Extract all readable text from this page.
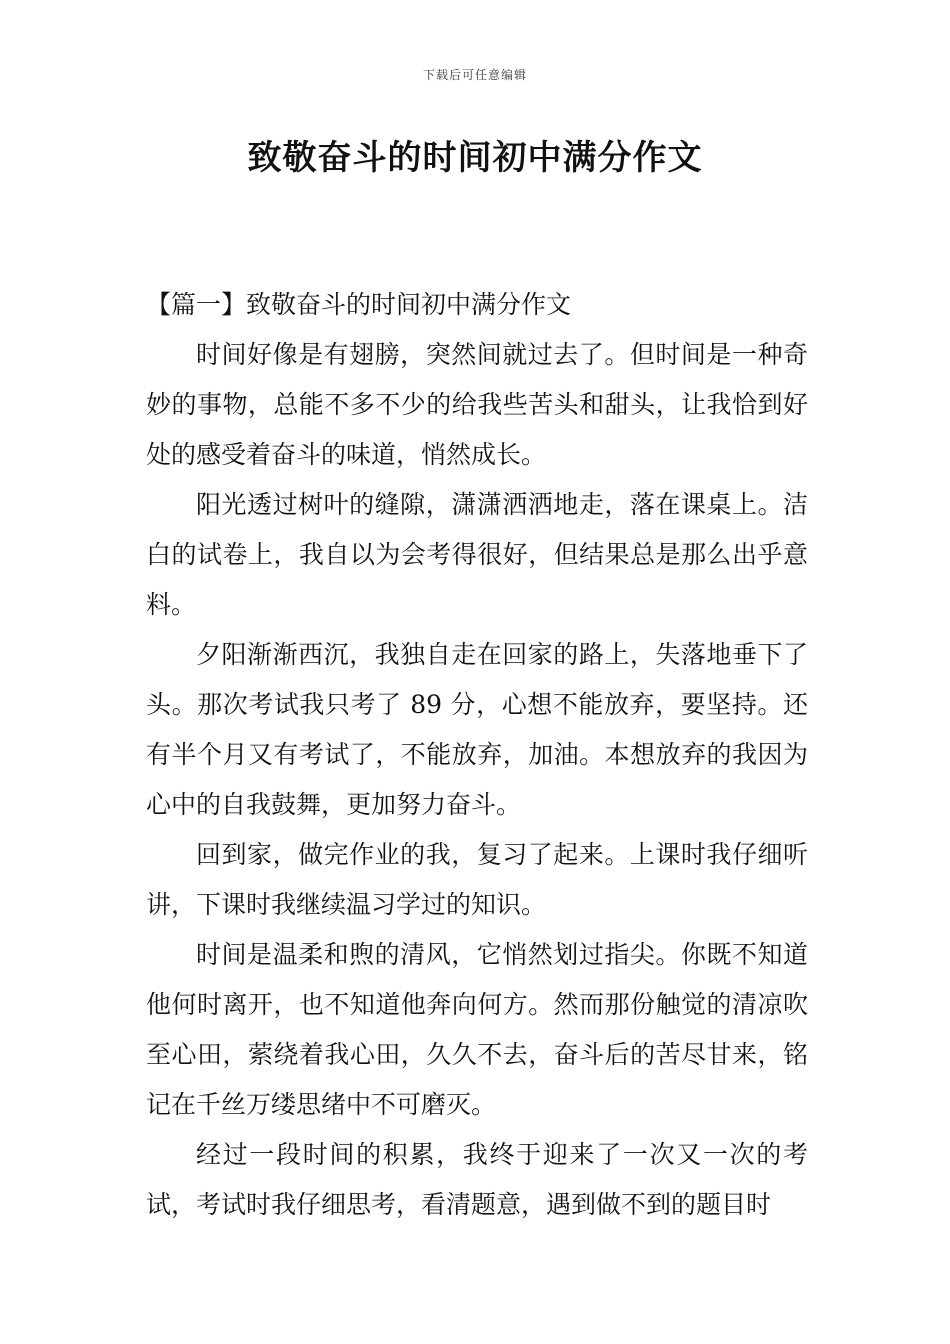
下载后可任意编辑
致敬奋斗的时间初中满分作文

【篇一】致敬奋斗的时间初中满分作文

时间好像是有翅膀，突然间就过去了。但时间是一种奇妙的事物，总能不多不少的给我些苦头和甜头，让我恰到好处的感受着奋斗的味道，悄然成长。

阳光透过树叶的缝隙，潇潇洒洒地走，落在课桌上。洁白的试卷上，我自以为会考得很好，但结果总是那么出乎意料。

夕阳渐渐西沉，我独自走在回家的路上，失落地垂下了头。那次考试我只考了 89 分，心想不能放弃，要坚持。还有半个月又有考试了，不能放弃，加油。本想放弃的我因为心中的自我鼓舞，更加努力奋斗。

回到家，做完作业的我，复习了起来。上课时我仔细听讲，下课时我继续温习学过的知识。

时间是温柔和煦的清风，它悄然划过指尖。你既不知道他何时离开，也不知道他奔向何方。然而那份触觉的清凉吹至心田，萦绕着我心田，久久不去，奋斗后的苦尽甘来，铭记在千丝万缕思绪中不可磨灭。

经过一段时间的积累，我终于迎来了一次又一次的考试，考试时我仔细思考，看清题意，遇到做不到的题目时
